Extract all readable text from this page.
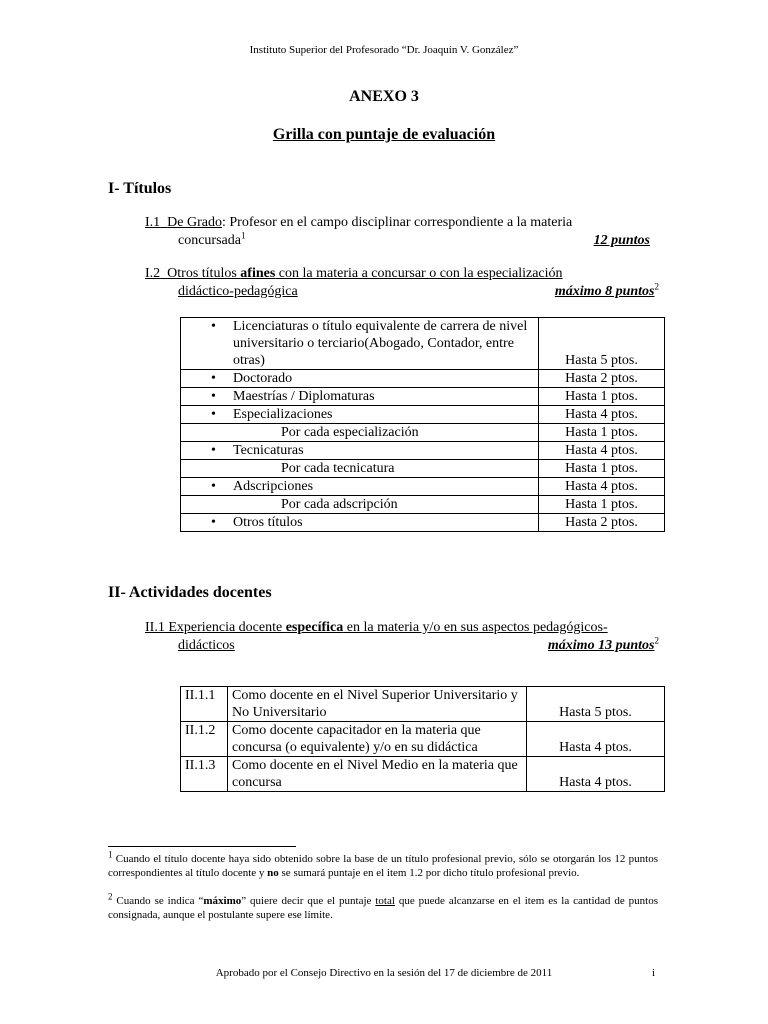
Instituto Superior del Profesorado “Dr. Joaquín V. González”
ANEXO 3
Grilla con puntaje de evaluación
I- Títulos
I.1 De Grado: Profesor en el campo disciplinar correspondiente a la materia
concursada$^1$	12 puntos
I.2 Otros títulos afines con la materia a concursar o con la especialización
didáctico-pedagógica	máximo 8 puntos$^2$
• Licenciaturas o título equivalente de carrera de nivel universitario o terciario(Abogado, Contador, entre otras)	Hasta 5 ptos.

• Doctorado	Hasta 2 ptos.

• Maestrías / Diplomaturas	Hasta 1 ptos.

• Especializaciones	Hasta 4 ptos.

Por cada especialización	Hasta 1 ptos.

• Tecnicaturas	Hasta 4 ptos.

Por cada tecnicatura	Hasta 1 ptos.

• Adscripciones	Hasta 4 ptos.

Por cada adscripción	Hasta 1 ptos.

• Otros títulos	Hasta 2 ptos.
II- Actividades docentes
II.1 Experiencia docente específica en la materia y/o en sus aspectos pedagógicos-
didácticos	máximo 13 puntos$^2$
II.1.1	Como docente en el Nivel Superior Universitario y No Universitario	Hasta 5 ptos.
II.1.2	Como docente capacitador en la materia que concursa (o equivalente) y/o en su didáctica	Hasta 4 ptos.
II.1.3	Como docente en el Nivel Medio en la materia que concursa	Hasta 4 ptos.
$^1$ Cuando el título docente haya sido obtenido sobre la base de un título profesional previo, sólo se otorgarán los 12 puntos correspondientes al título docente y no se sumará puntaje en el item 1.2 por dicho título profesional previo.
$^2$ Cuando se indica “máximo” quiere decir que el puntaje total que puede alcanzarse en el item es la cantidad de puntos consignada, aunque el postulante supere ese límite.
Aprobado por el Consejo Directivo en la sesión del 17 de diciembre de 2011	i
